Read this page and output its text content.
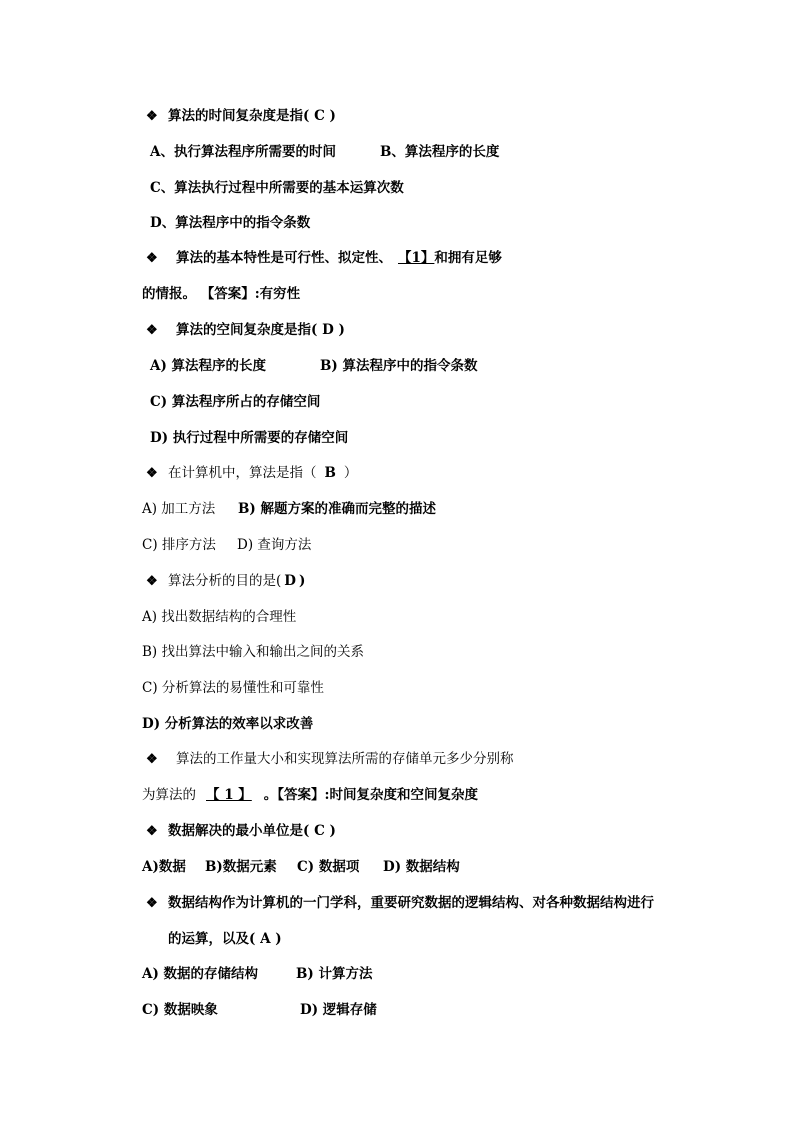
❖ 算法的时间复杂度是指( C )
A、执行算法程序所需要的时间	B、算法程序的长度
C、算法执行过程中所需要的基本运算次数
D、算法程序中的指令条数
❖ 算法的基本特性是可行性、拟定性、 【1】和拥有足够
的情报。 【答案】:有穷性
❖ 算法的空间复杂度是指( D )
A) 算法程序的长度	B) 算法程序中的指令条数
C) 算法程序所占的存储空间
D) 执行过程中所需要的存储空间
❖ 在计算机中，算法是指（ B ）
A) 加工方法 B) 解题方案的准确而完整的描述
C) 排序方法 D) 查询方法
❖ 算法分析的目的是( D )
A) 找出数据结构的合理性
B) 找出算法中输入和输出之间的关系
C) 分析算法的易懂性和可靠性
D) 分析算法的效率以求改善
❖ 算法的工作量大小和实现算法所需的存储单元多少分别称
为算法的 【 1 】 。【答案】:时间复杂度和空间复杂度
❖ 数据解决的最小单位是( C )
A)数据 B)数据元素 C) 数据项 D) 数据结构
❖ 数据结构作为计算机的一门学科，重要研究数据的逻辑结构、对各种数据结构进行
的运算，以及( A )
A) 数据的存储结构	B) 计算方法
C) 数据映象	D) 逻辑存储
